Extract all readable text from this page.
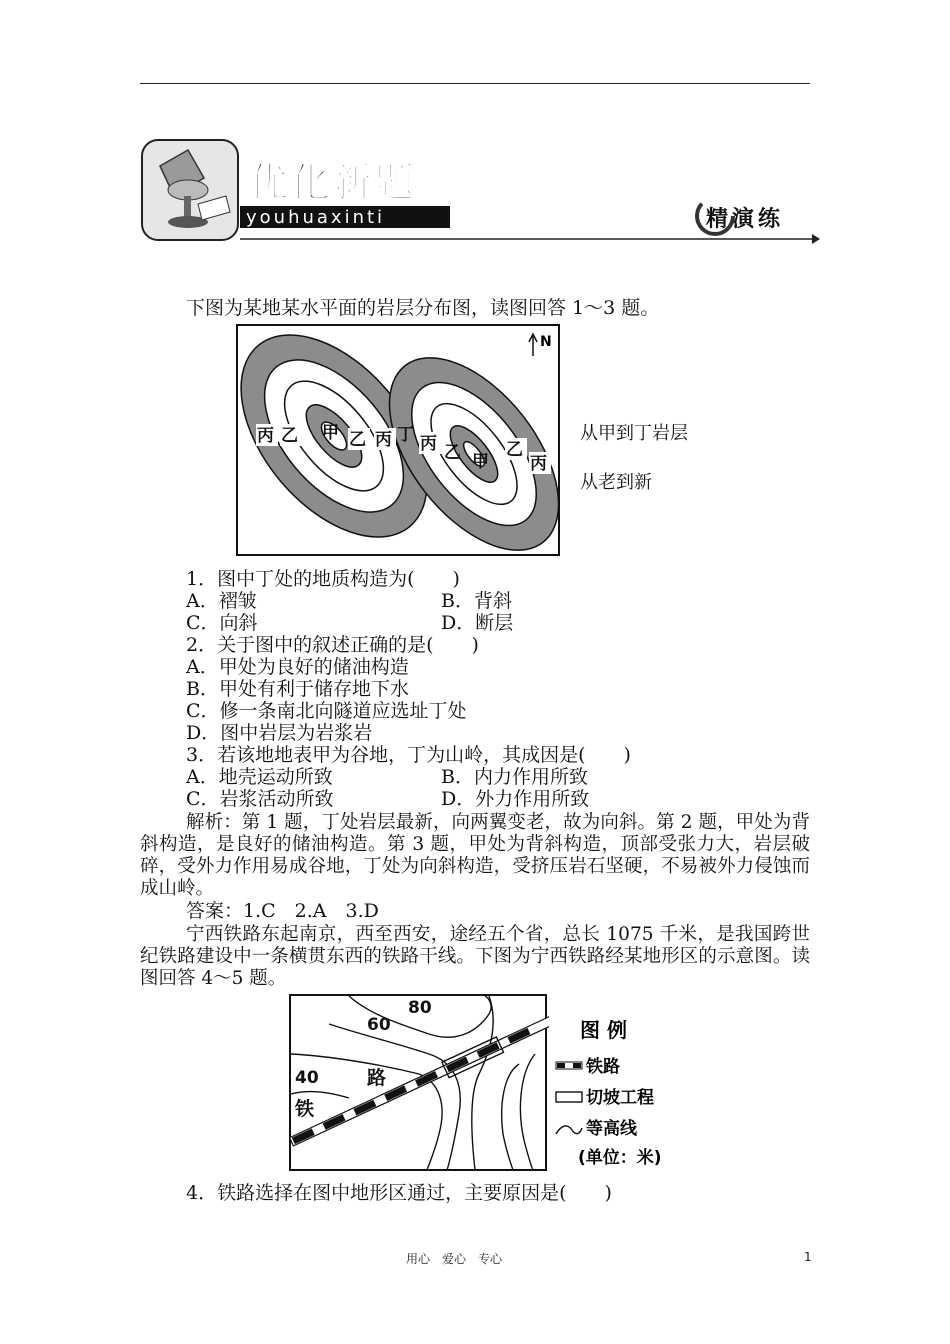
优化新题
youhuaxinti	精演练
下图为某地某水平面的岩层分布图，读图回答 1～3 题。
N
丙 乙 甲 乙 丙 丁 丙 乙 甲
乙
丙
从甲到丁岩层
从老到新
1．图中丁处的地质构造为(　　)
A．褶皱	B．背斜
C．向斜	D．断层
2．关于图中的叙述正确的是(　　)
A．甲处为良好的储油构造
B．甲处有利于储存地下水
C．修一条南北向隧道应选址丁处
D．图中岩层为岩浆岩
3．若该地地表甲为谷地，丁为山岭，其成因是(　　)
A．地壳运动所致	B．内力作用所致
C．岩浆活动所致	D．外力作用所致
解析：第 1 题，丁处岩层最新，向两翼变老，故为向斜。第 2 题，甲处为背斜构造，是良好的储油构造。第 3 题，甲处为背斜构造，顶部受张力大，岩层破碎，受外力作用易成谷地，丁处为向斜构造，受挤压岩石坚硬，不易被外力侵蚀而成山岭。
答案：1.C　2.A　3.D
宁西铁路东起南京，西至西安，途经五个省，总长 1075 千米，是我国跨世纪铁路建设中一条横贯东西的铁路干线。下图为宁西铁路经某地形区的示意图。读图回答 4～5 题。
80
60
40	路
铁
图 例
铁路
切坡工程
等高线
(单位：米)
4．铁路选择在图中地形区通过，主要原因是(　　)
用心　爱心　专心	1
